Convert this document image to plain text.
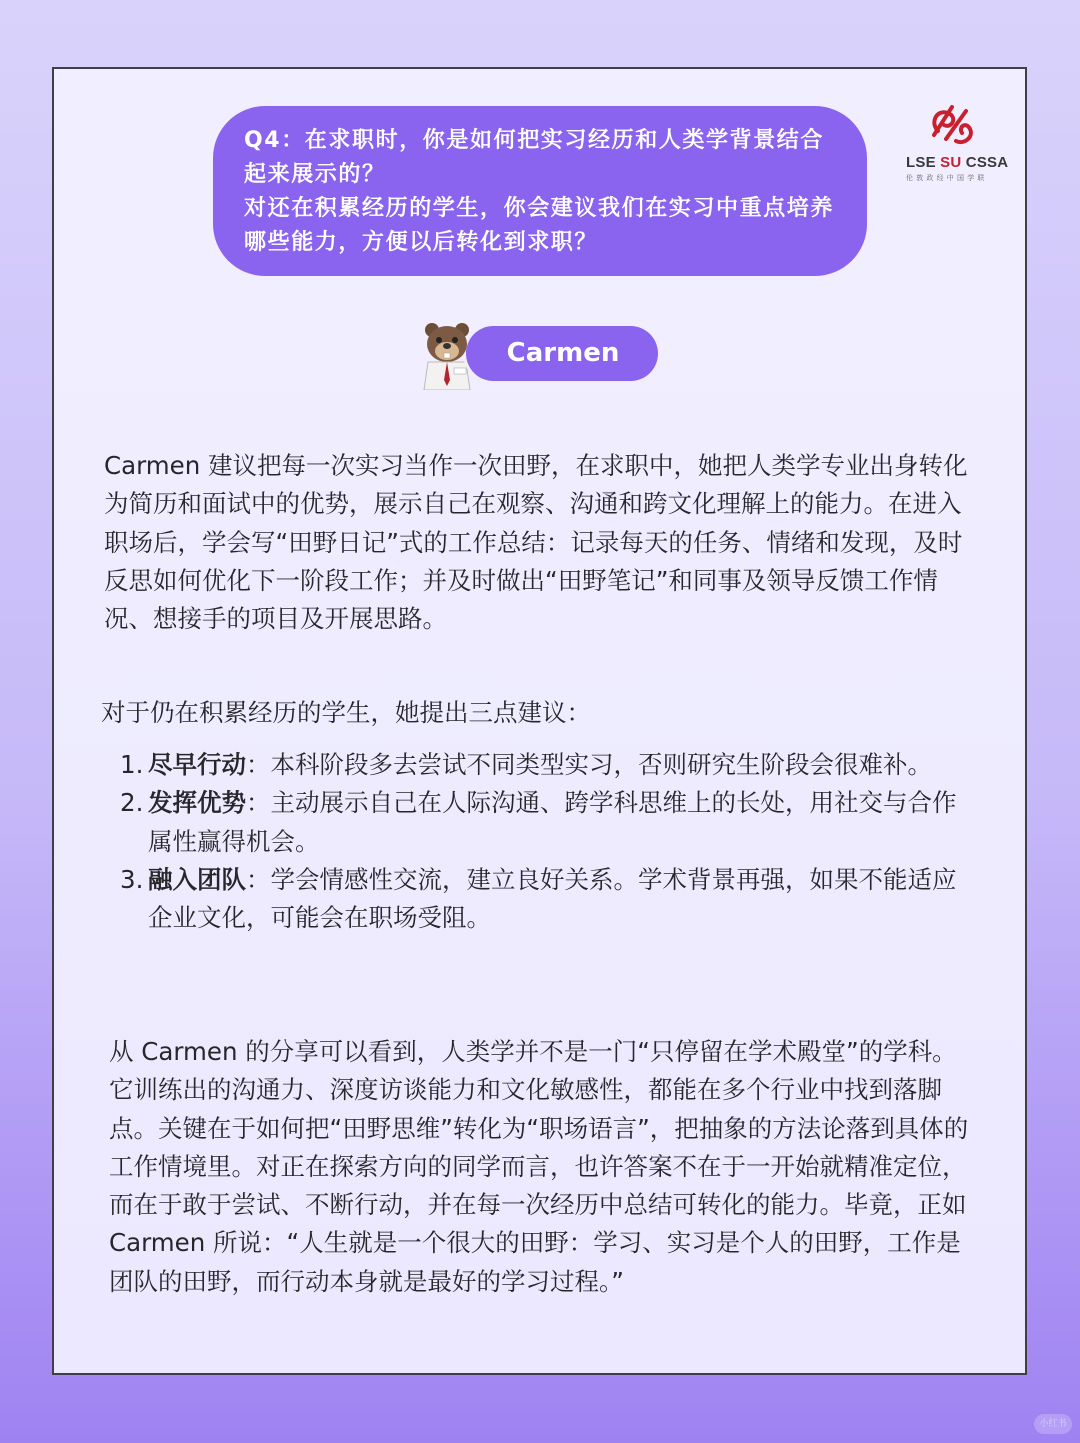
Q4：在求职时，你是如何把实习经历和人类学背景结合起来展示的？

对还在积累经历的学生，你会建议我们在实习中重点培养哪些能力，方便以后转化到求职？

LSE SU CSSA
伦敦政经中国学联
Carmen
Carmen 建议把每一次实习当作一次田野，在求职中，她把人类学专业出身转化为简历和面试中的优势，展示自己在观察、沟通和跨文化理解上的能力。在进入职场后，学会写“田野日记”式的工作总结：记录每天的任务、情绪和发现，及时反思如何优化下一阶段工作；并及时做出“田野笔记”和同事及领导反馈工作情况、想接手的项目及开展思路。
对于仍在积累经历的学生，她提出三点建议：
1. 尽早行动：本科阶段多去尝试不同类型实习，否则研究生阶段会很难补。
2. 发挥优势：主动展示自己在人际沟通、跨学科思维上的长处，用社交与合作属性赢得机会。
3. 融入团队：学会情感性交流，建立良好关系。学术背景再强，如果不能适应企业文化，可能会在职场受阻。
从 Carmen 的分享可以看到，人类学并不是一门“只停留在学术殿堂”的学科。它训练出的沟通力、深度访谈能力和文化敏感性，都能在多个行业中找到落脚点。关键在于如何把“田野思维”转化为“职场语言”，把抽象的方法论落到具体的工作情境里。对正在探索方向的同学而言，也许答案不在于一开始就精准定位，而在于敢于尝试、不断行动，并在每一次经历中总结可转化的能力。毕竟，正如 Carmen 所说：“人生就是一个很大的田野：学习、实习是个人的田野，工作是团队的田野，而行动本身就是最好的学习过程。”
小红书
